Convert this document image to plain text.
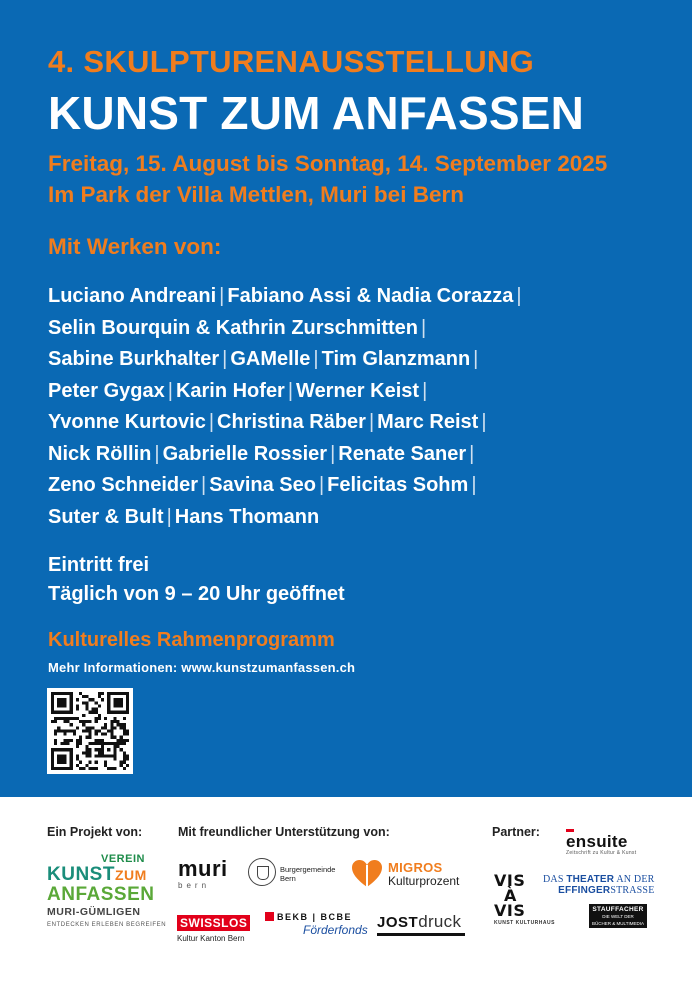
4. SKULPTURENAUSSTELLUNG
KUNST ZUM ANFASSEN
Freitag, 15. August bis Sonntag, 14. September 2025
Im Park der Villa Mettlen, Muri bei Bern
Mit Werken von:
Luciano Andreani | Fabiano Assi & Nadia Corazza |
Selin Bourquin & Kathrin Zurschmitten |
Sabine Burkhalter | GAMelle | Tim Glanzmann |
Peter Gygax | Karin Hofer | Werner Keist |
Yvonne Kurtovic | Christina Räber | Marc Reist |
Nick Röllin | Gabrielle Rossier | Renate Saner |
Zeno Schneider | Savina Seo | Felicitas Sohm |
Suter & Bult | Hans Thomann
Eintritt frei
Täglich von 9 – 20 Uhr geöffnet
Kulturelles Rahmenprogramm
Mehr Informationen: www.kunstzumanfassen.ch
Ein Projekt von:	Mit freundlicher Unterstützung von:	Partner:
VEREIN
KUNSTZUM
ANFASSEN
MURI-GÜMLIGEN
ENTDECKEN ERLEBEN BEGREIFEN
muri
bern
Burgergemeinde
Bern
MIGROS
Kulturprozent
SWISSLOS
Kultur Kanton Bern
BEKB | BCBE
Förderfonds JOSTdruck
ensuite
Zeitschrift zu Kultur & Kunst
VIS
À
VIS
KUNST KULTURHAUS
DAS THEATER AN DER
EFFINGERSTRASSE
STAUFFACHER
DIE WELT DER
BÜCHER & MULTIMEDIA
